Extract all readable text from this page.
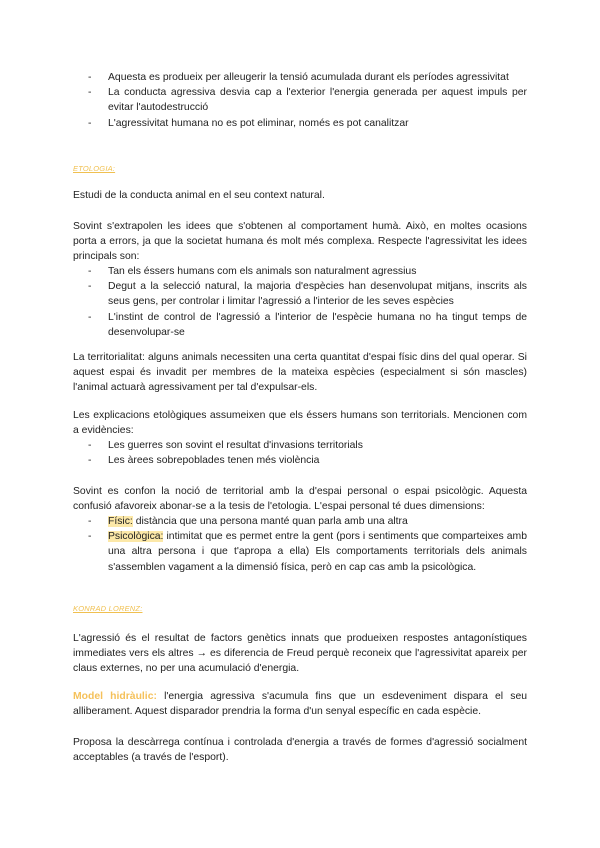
- Aquesta es produeix per alleugerir la tensió acumulada durant els períodes agressivitat
- La conducta agressiva desvia cap a l'exterior l'energia generada per aquest impuls per evitar l'autodestrucció
- L'agressivitat humana no es pot eliminar, només es pot canalitzar

ETOLOGIA:

Estudi de la conducta animal en el seu context natural.

Sovint s'extrapolen les idees que s'obtenen al comportament humà. Això, en moltes ocasions porta a errors, ja que la societat humana és molt més complexa. Respecte l'agressivitat les idees principals son:

- Tan els éssers humans com els animals son naturalment agressius
- Degut a la selecció natural, la majoria d'espècies han desenvolupat mitjans, inscrits als seus gens, per controlar i limitar l'agressió a l'interior de les seves espècies
- L'instint de control de l'agressió a l'interior de l'espècie humana no ha tingut temps de desenvolupar-se

La territorialitat: alguns animals necessiten una certa quantitat d'espai físic dins del qual operar. Si aquest espai és invadit per membres de la mateixa espècies (especialment si són mascles) l'animal actuarà agressivament per tal d'expulsar-els.

Les explicacions etològiques assumeixen que els éssers humans son territorials. Mencionen com a evidències:

- Les guerres son sovint el resultat d'invasions territorials
- Les àrees sobrepoblades tenen més violència

Sovint es confon la noció de territorial amb la d'espai personal o espai psicològic. Aquesta confusió afavoreix abonar-se a la tesis de l'etologia. L'espai personal té dues dimensions:

- Físic: distància que una persona manté quan parla amb una altra
- Psicològica: intimitat que es permet entre la gent (pors i sentiments que comparteixes amb una altra persona i que t'apropa a ella) Els comportaments territorials dels animals s'assemblen vagament a la dimensió física, però en cap cas amb la psicològica.

KONRAD LORENZ:

L'agressió és el resultat de factors genètics innats que produeixen respostes antagonístiques immediates vers els altres → es diferencia de Freud perquè reconeix que l'agressivitat apareix per claus externes, no per una acumulació d'energia.

Model hidràulic: l'energia agressiva s'acumula fins que un esdeveniment dispara el seu alliberament. Aquest disparador prendria la forma d'un senyal específic en cada espècie.

Proposa la descàrrega contínua i controlada d'energia a través de formes d'agressió socialment acceptables (a través de l'esport).
